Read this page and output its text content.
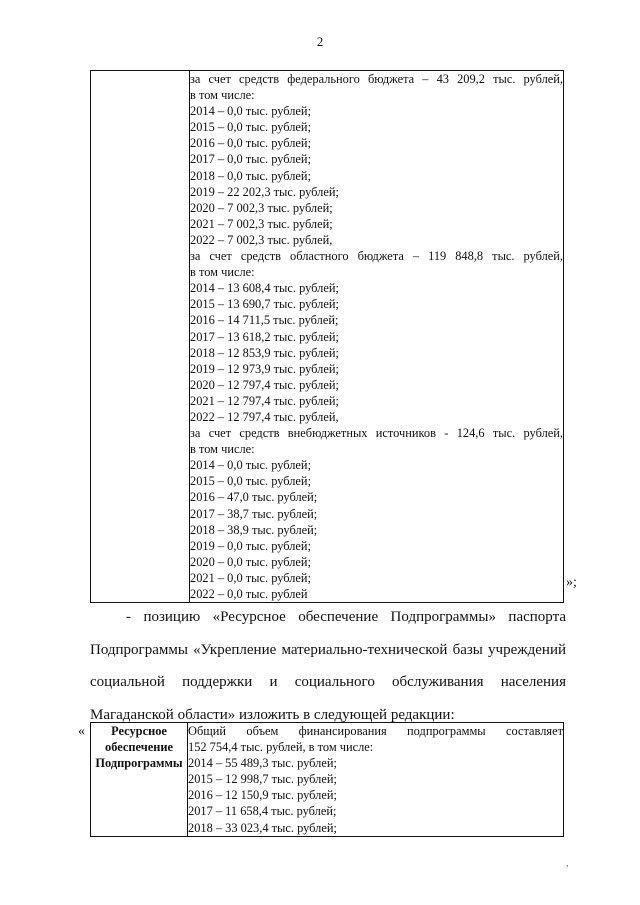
2

за счет средств федерального бюджета – 43 209,2 тыс. рублей,
в том числе:
2014 – 0,0 тыс. рублей;
2015 – 0,0 тыс. рублей;
2016 – 0,0 тыс. рублей;
2017 – 0,0 тыс. рублей;
2018 – 0,0 тыс. рублей;
2019 – 22 202,3 тыс. рублей;
2020 – 7 002,3 тыс. рублей;
2021 – 7 002,3 тыс. рублей;
2022 – 7 002,3 тыс. рублей,
за счет средств областного бюджета – 119 848,8 тыс. рублей,
в том числе:
2014 – 13 608,4 тыс. рублей;
2015 – 13 690,7 тыс. рублей;
2016 – 14 711,5 тыс. рублей;
2017 – 13 618,2 тыс. рублей;
2018 – 12 853,9 тыс. рублей;
2019 – 12 973,9 тыс. рублей;
2020 – 12 797,4 тыс. рублей;
2021 – 12 797,4 тыс. рублей;
2022 – 12 797,4 тыс. рублей,
за счет средств внебюджетных источников - 124,6 тыс. рублей,
в том числе:
2014 – 0,0 тыс. рублей;
2015 – 0,0 тыс. рублей;
2016 – 47,0 тыс. рублей;
2017 – 38,7 тыс. рублей;
2018 – 38,9 тыс. рублей;
2019 – 0,0 тыс. рублей;
2020 – 0,0 тыс. рублей;
2021 – 0,0 тыс. рублей;
2022 – 0,0 тыс. рублей
»;
- позицию «Ресурсное обеспечение Подпрограммы» паспорта
Подпрограммы «Укрепление материально-технической базы учреждений
социальной поддержки и социального обслуживания населения
Магаданской области» изложить в следующей редакции:
«	Ресурсное
обеспечение
Подпрограммы

Общий объем финансирования подпрограммы составляет
152 754,4 тыс. рублей, в том числе:
2014 – 55 489,3 тыс. рублей;
2015 – 12 998,7 тыс. рублей;
2016 – 12 150,9 тыс. рублей;
2017 – 11 658,4 тыс. рублей;
2018 – 33 023,4 тыс. рублей;
,
